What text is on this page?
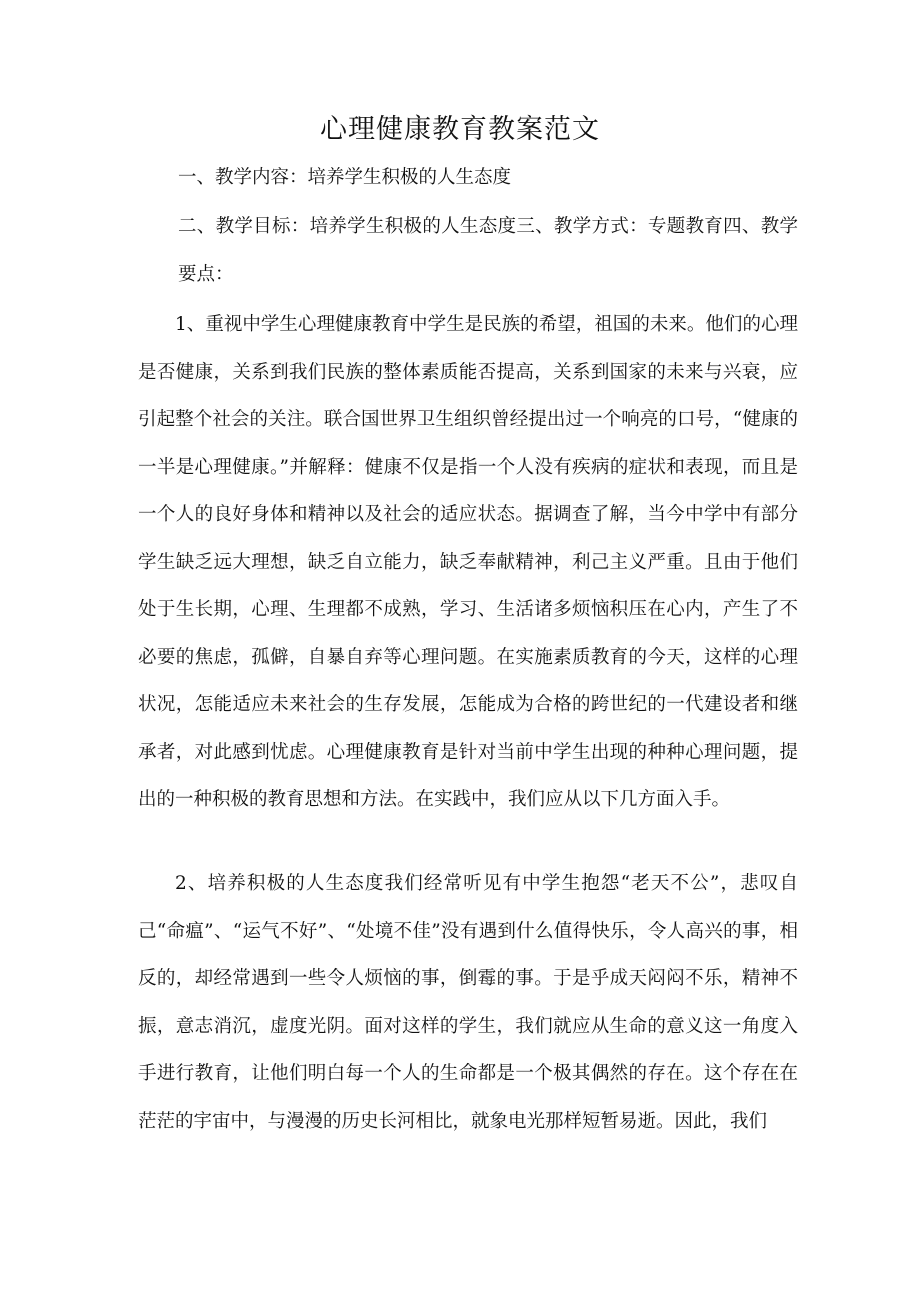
心理健康教育教案范文

一、教学内容：培养学生积极的人生态度

二、教学目标：培养学生积极的人生态度三、教学方式：专题教育四、教学要点：

1、重视中学生心理健康教育中学生是民族的希望，祖国的未来。他们的心理是否健康，关系到我们民族的整体素质能否提高，关系到国家的未来与兴衰，应引起整个社会的关注。联合国世界卫生组织曾经提出过一个响亮的口号，“健康的一半是心理健康。”并解释：健康不仅是指一个人没有疾病的症状和表现，而且是一个人的良好身体和精神以及社会的适应状态。据调查了解，当今中学中有部分学生缺乏远大理想，缺乏自立能力，缺乏奉献精神，利己主义严重。且由于他们处于生长期，心理、生理都不成熟，学习、生活诸多烦恼积压在心内，产生了不必要的焦虑，孤僻，自暴自弃等心理问题。在实施素质教育的今天，这样的心理状况，怎能适应未来社会的生存发展，怎能成为合格的跨世纪的一代建设者和继承者，对此感到忧虑。心理健康教育是针对当前中学生出现的种种心理问题，提出的一种积极的教育思想和方法。在实践中，我们应从以下几方面入手。

2、培养积极的人生态度我们经常听见有中学生抱怨“老天不公”，悲叹自己“命瘟”、“运气不好”、“处境不佳”没有遇到什么值得快乐，令人高兴的事，相反的，却经常遇到一些令人烦恼的事，倒霉的事。于是乎成天闷闷不乐，精神不振，意志消沉，虚度光阴。面对这样的学生，我们就应从生命的意义这一角度入手进行教育，让他们明白每一个人的生命都是一个极其偶然的存在。这个存在在茫茫的宇宙中，与漫漫的历史长河相比，就象电光那样短暂易逝。因此，我们
